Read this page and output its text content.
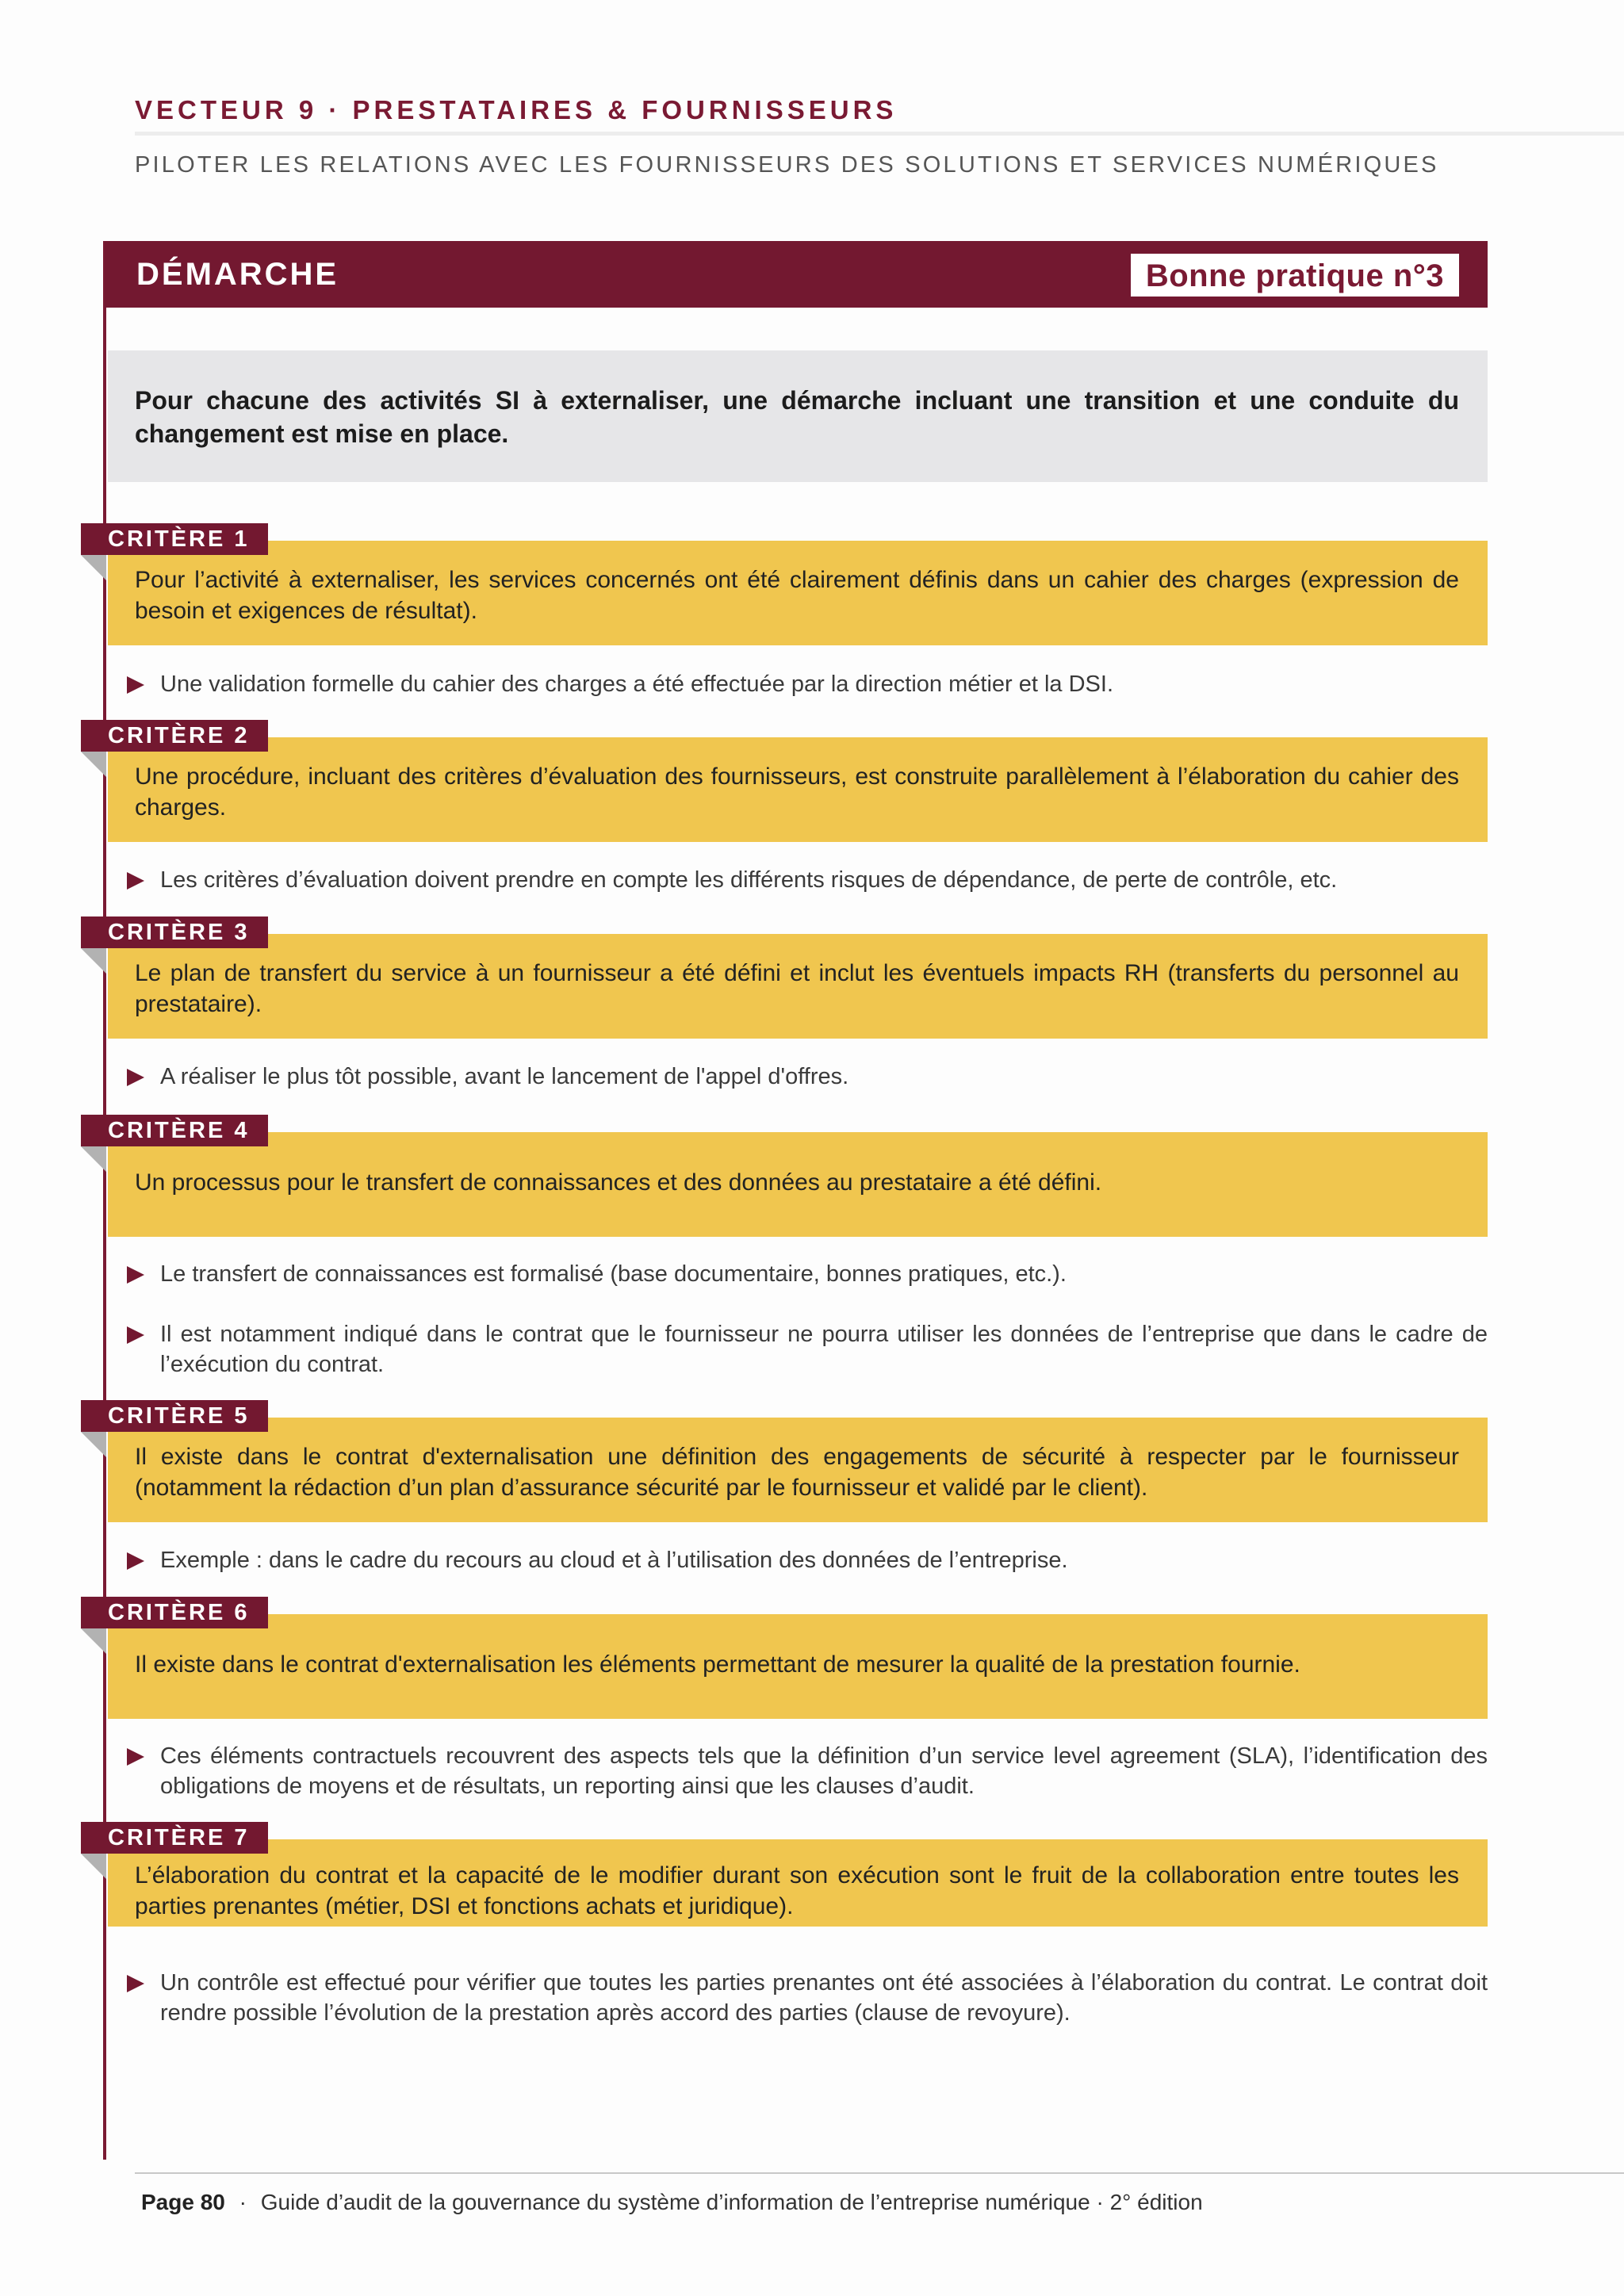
VECTEUR 9 · PRESTATAIRES & FOURNISSEURS
PILOTER LES RELATIONS AVEC LES FOURNISSEURS DES SOLUTIONS ET SERVICES NUMÉRIQUES
DÉMARCHE	Bonne pratique n°3
Pour chacune des activités SI à externaliser, une démarche incluant une transition et une conduite du changement est mise en place.
Pour l’activité à externaliser, les services concernés ont été clairement définis dans un cahier des charges (expression de besoin et exigences de résultat).
CRITÈRE 1
Une validation formelle du cahier des charges a été effectuée par la direction métier et la DSI.
Une procédure, incluant des critères d’évaluation des fournisseurs, est construite parallèlement à l’élaboration du cahier des charges.
CRITÈRE 2
Les critères d’évaluation doivent prendre en compte les différents risques de dépendance, de perte de contrôle, etc.
Le plan de transfert du service à un fournisseur a été défini et inclut les éventuels impacts RH (transferts du personnel au prestataire).
CRITÈRE 3
A réaliser le plus tôt possible, avant le lancement de l'appel d'offres.
Un processus pour le transfert de connaissances et des données au prestataire a été défini.
CRITÈRE 4
Le transfert de connaissances est formalisé (base documentaire, bonnes pratiques, etc.).
Il est notamment indiqué dans le contrat que le fournisseur ne pourra utiliser les données de l’entreprise que dans le cadre de l’exécution du contrat.
Il existe dans le contrat d'externalisation une définition des engagements de sécurité à respecter par le fournisseur (notamment la rédaction d’un plan d’assurance sécurité par le fournisseur et validé par le client).
CRITÈRE 5
Exemple : dans le cadre du recours au cloud et à l’utilisation des données de l’entreprise.
Il existe dans le contrat d'externalisation les éléments permettant de mesurer la qualité de la prestation fournie.
CRITÈRE 6
Ces éléments contractuels recouvrent des aspects tels que la définition d’un service level agreement (SLA), l’identification des obligations de moyens et de résultats, un reporting ainsi que les clauses d’audit.
L’élaboration du contrat et la capacité de le modifier durant son exécution sont le fruit de la collaboration entre toutes les parties prenantes (métier, DSI et fonctions achats et juridique).
CRITÈRE 7
Un contrôle est effectué pour vérifier que toutes les parties prenantes ont été associées à l’élaboration du contrat. Le contrat doit rendre possible l’évolution de la prestation après accord des parties (clause de revoyure).
Page 80 · Guide d’audit de la gouvernance du système d’information de l’entreprise numérique · 2° édition
